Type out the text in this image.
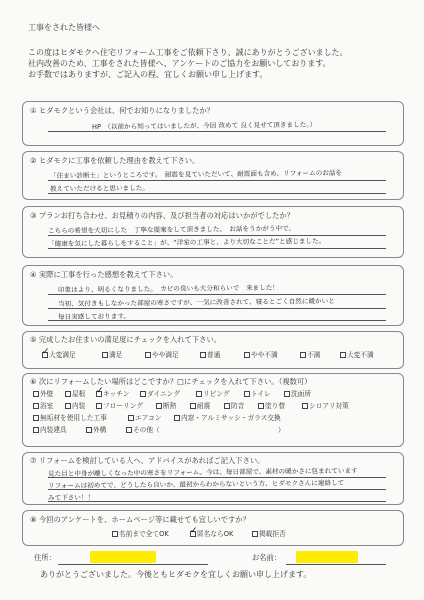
工事をされた皆様へ
この度はヒダモクへ住宅リフォーム工事をご依頼下さり、誠にありがとうございました。
社内改善のため、工事をされた皆様へ、アンケートのご協力をお願いしております。
お手数ではありますが、ご記入の程、宜しくお願い申し上げます。
① ヒダモクという会社は、何でお知りになりましたか？
HP　（以前から知ってはいましたが、今回 改めて 良く見せて頂きました。）
② ヒダモクに工事を依頼した理由を教えて下さい。
「住まい診断士」というところです。　耐震を見ていただいて、耐震面も含め、リフォームのお話を
教えていただけると思いました。
③ プランお打ち合わせ、お見積りの内容、及び担当者の対応はいかがでしたか？
こちらの希望を大切にした　丁寧な提案をして頂きました。　お話をうかがう中で、
「健康を気にした暮らしをすること」が、“洋室の工事と、より大切なことだ”と感じました。
④ 実際に工事を行った感想を教えて下さい。
印象はより、明るくなりました。　カビの臭いも大分和らいで　来ました！
当初、気付きもしなかった部屋の寒さですが、一気に改善されて、寝るとごく自然に暖かいと
毎日実感しております。
⑤ 完成したお住まいの満足度にチェックを入れて下さい。
✓大変満足	満足	やや満足	普通	やや不満	不満	大変不満
⑥ 次にリフォームしたい場所はどこですか？□にチェックを入れて下さい。（複数可）
外壁	屋根 ✓	キッチン	ダイニング	リビング	トイレ	洗面所
浴室	内装	フローリング	断熱	耐震	防音	塗り替	シロアリ対策
無垢材を使用した工事	エアコン	内窓・アルミサッシ・ガラス交換
内装建具	外構	その他（	）
⑦ リフォームを検討している人へ、アドバイスがあればご記入下さい。
見た目と中身が離しくなった中の寒さをリフォーム。今は、毎日部屋で、素材の暖かさに包まれています
リフォームは初めてで、どうしたら良いか、最初からわからないという方、ヒダモクさんに連絡して
みて下さい！！
⑧ 今回のアンケートを、ホームページ等に載せても宜しいですか？
名前まで全てOK ✓	匿名ならOK	掲載拒否
住所：	お名前：
ありがとうございました。今後ともヒダモクを宜しくお願い申し上げます。
